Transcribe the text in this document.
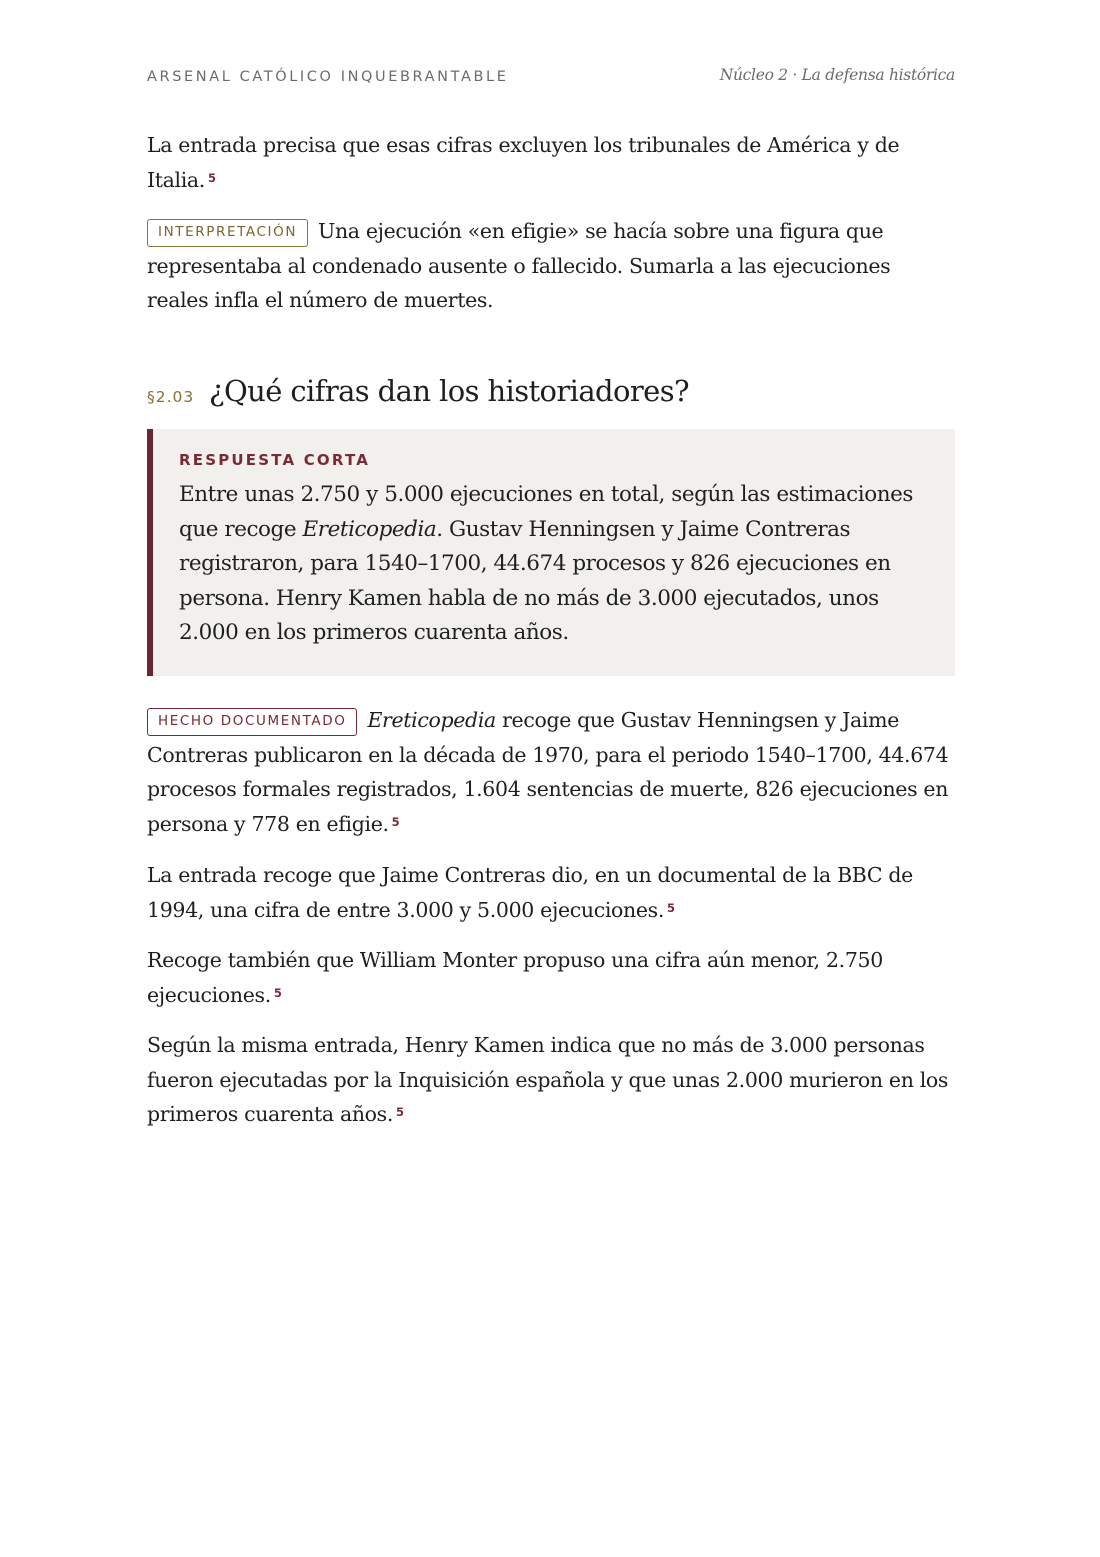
ARSENAL CATÓLICO INQUEBRANTABLE	Núcleo 2 · La defensa histórica

La entrada precisa que esas cifras excluyen los tribunales de América y de Italia. $^5$

INTERPRETACIÓN Una ejecución «en efigie» se hacía sobre una figura que representaba al condenado ausente o fallecido. Sumarla a las ejecuciones reales infla el número de muertes.

§2.03 ¿Qué cifras dan los historiadores?
RESPUESTA CORTA

Entre unas 2.750 y 5.000 ejecuciones en total, según las estimaciones que recoge Ereticopedia. Gustav Henningsen y Jaime Contreras registraron, para 1540–1700, 44.674 procesos y 826 ejecuciones en persona. Henry Kamen habla de no más de 3.000 ejecutados, unos 2.000 en los primeros cuarenta años.

HECHO DOCUMENTADO Ereticopedia recoge que Gustav Henningsen y Jaime Contreras publicaron en la década de 1970, para el periodo 1540–1700, 44.674 procesos formales registrados, 1.604 sentencias de muerte, 826 ejecuciones en persona y 778 en efigie. $^5$

La entrada recoge que Jaime Contreras dio, en un documental de la BBC de 1994, una cifra de entre 3.000 y 5.000 ejecuciones. $^5$

Recoge también que William Monter propuso una cifra aún menor, 2.750 ejecuciones. $^5$

Según la misma entrada, Henry Kamen indica que no más de 3.000 personas fueron ejecutadas por la Inquisición española y que unas 2.000 murieron en los primeros cuarenta años. $^5$
